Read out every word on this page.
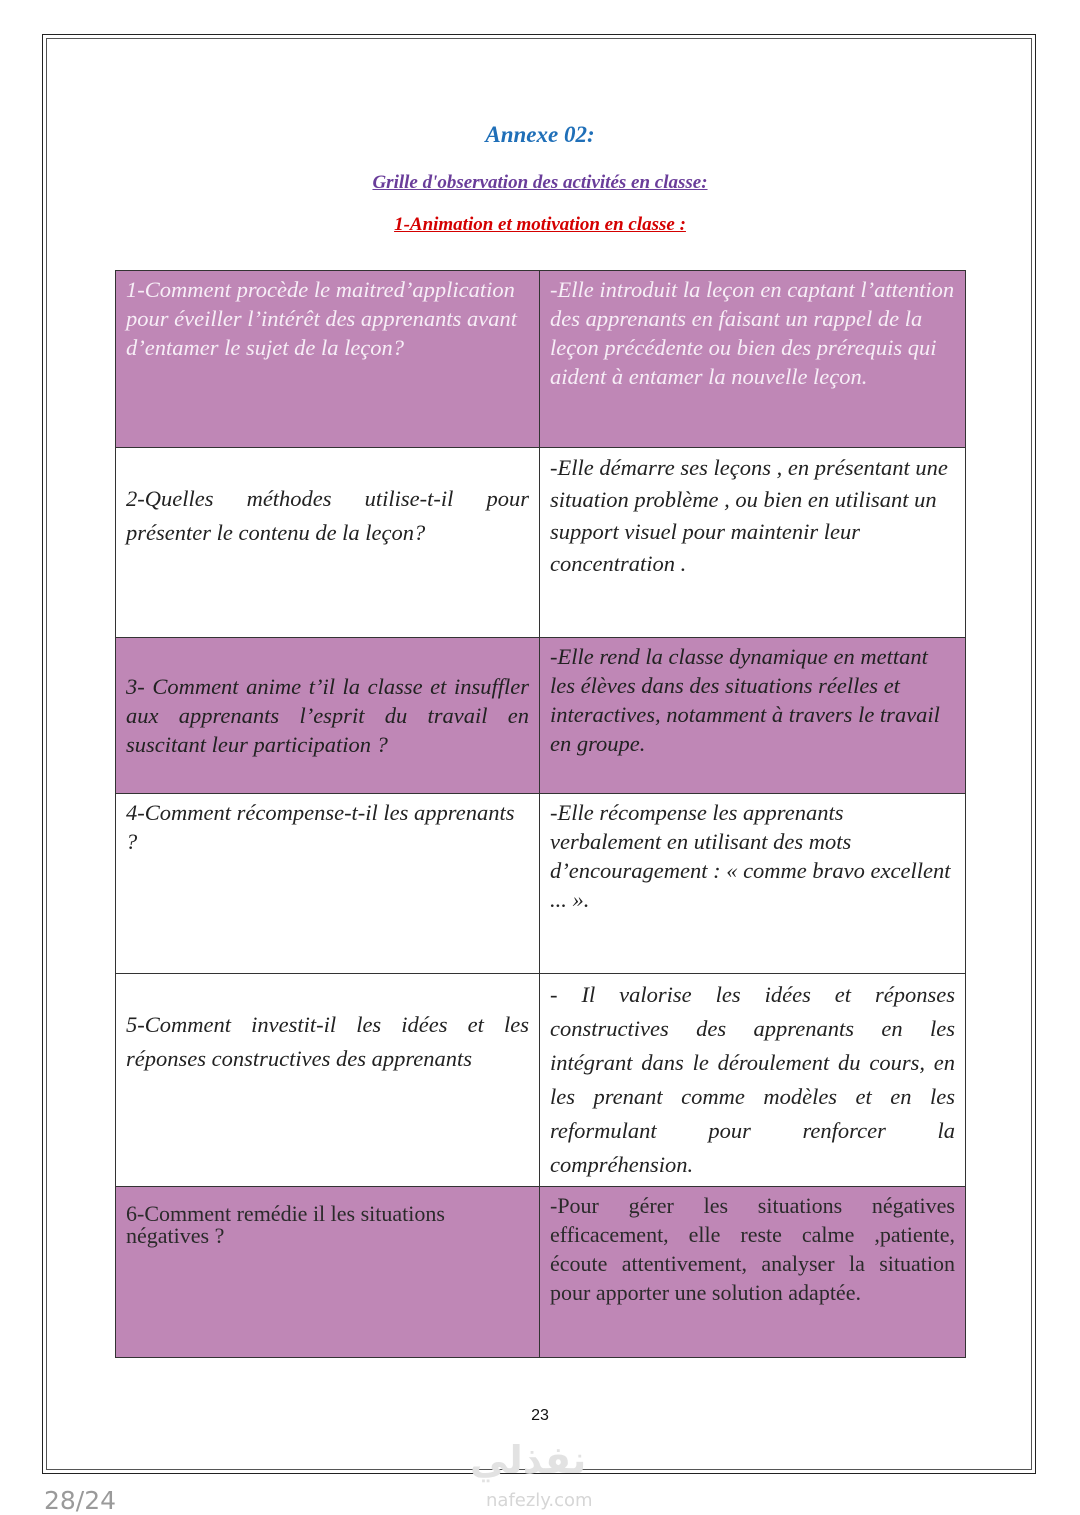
Annexe 02:
Grille d'observation des activités en classe:
1-Animation et motivation en classe :
1-Comment procède le maitred’application pour éveiller l’intérêt des apprenants avant d’entamer le sujet de la leçon?	-Elle introduit la leçon en captant l’attention des apprenants en faisant un rappel de la leçon précédente ou bien des prérequis qui aident à entamer la nouvelle leçon.
2-Quelles méthodes utilise-t-il pour présenter le contenu de la leçon?	-Elle démarre ses leçons , en présentant une situation problème , ou bien en utilisant un support visuel pour maintenir leur concentration .
3- Comment anime t’il la classe et insuffler aux apprenants l’esprit du travail en suscitant leur participation ?	-Elle rend la classe dynamique en mettant les élèves dans des situations réelles et interactives, notamment à travers le travail en groupe.
4-Comment récompense-t-il les apprenants ?	-Elle récompense les apprenants verbalement en utilisant des mots d’encouragement : « comme bravo excellent ... ».
5-Comment investit-il les idées et les réponses constructives des apprenants	- Il valorise les idées et réponses constructives des apprenants en les intégrant dans le déroulement du cours, en les prenant comme modèles et en les reformulant pour renforcer la compréhension.
6-Comment remédie il les situations négatives ?	-Pour gérer les situations négatives efficacement, elle reste calme ,patiente, écoute attentivement, analyser la situation pour apporter une solution adaptée.
23
28/24
نفذلي
nafezly.com
